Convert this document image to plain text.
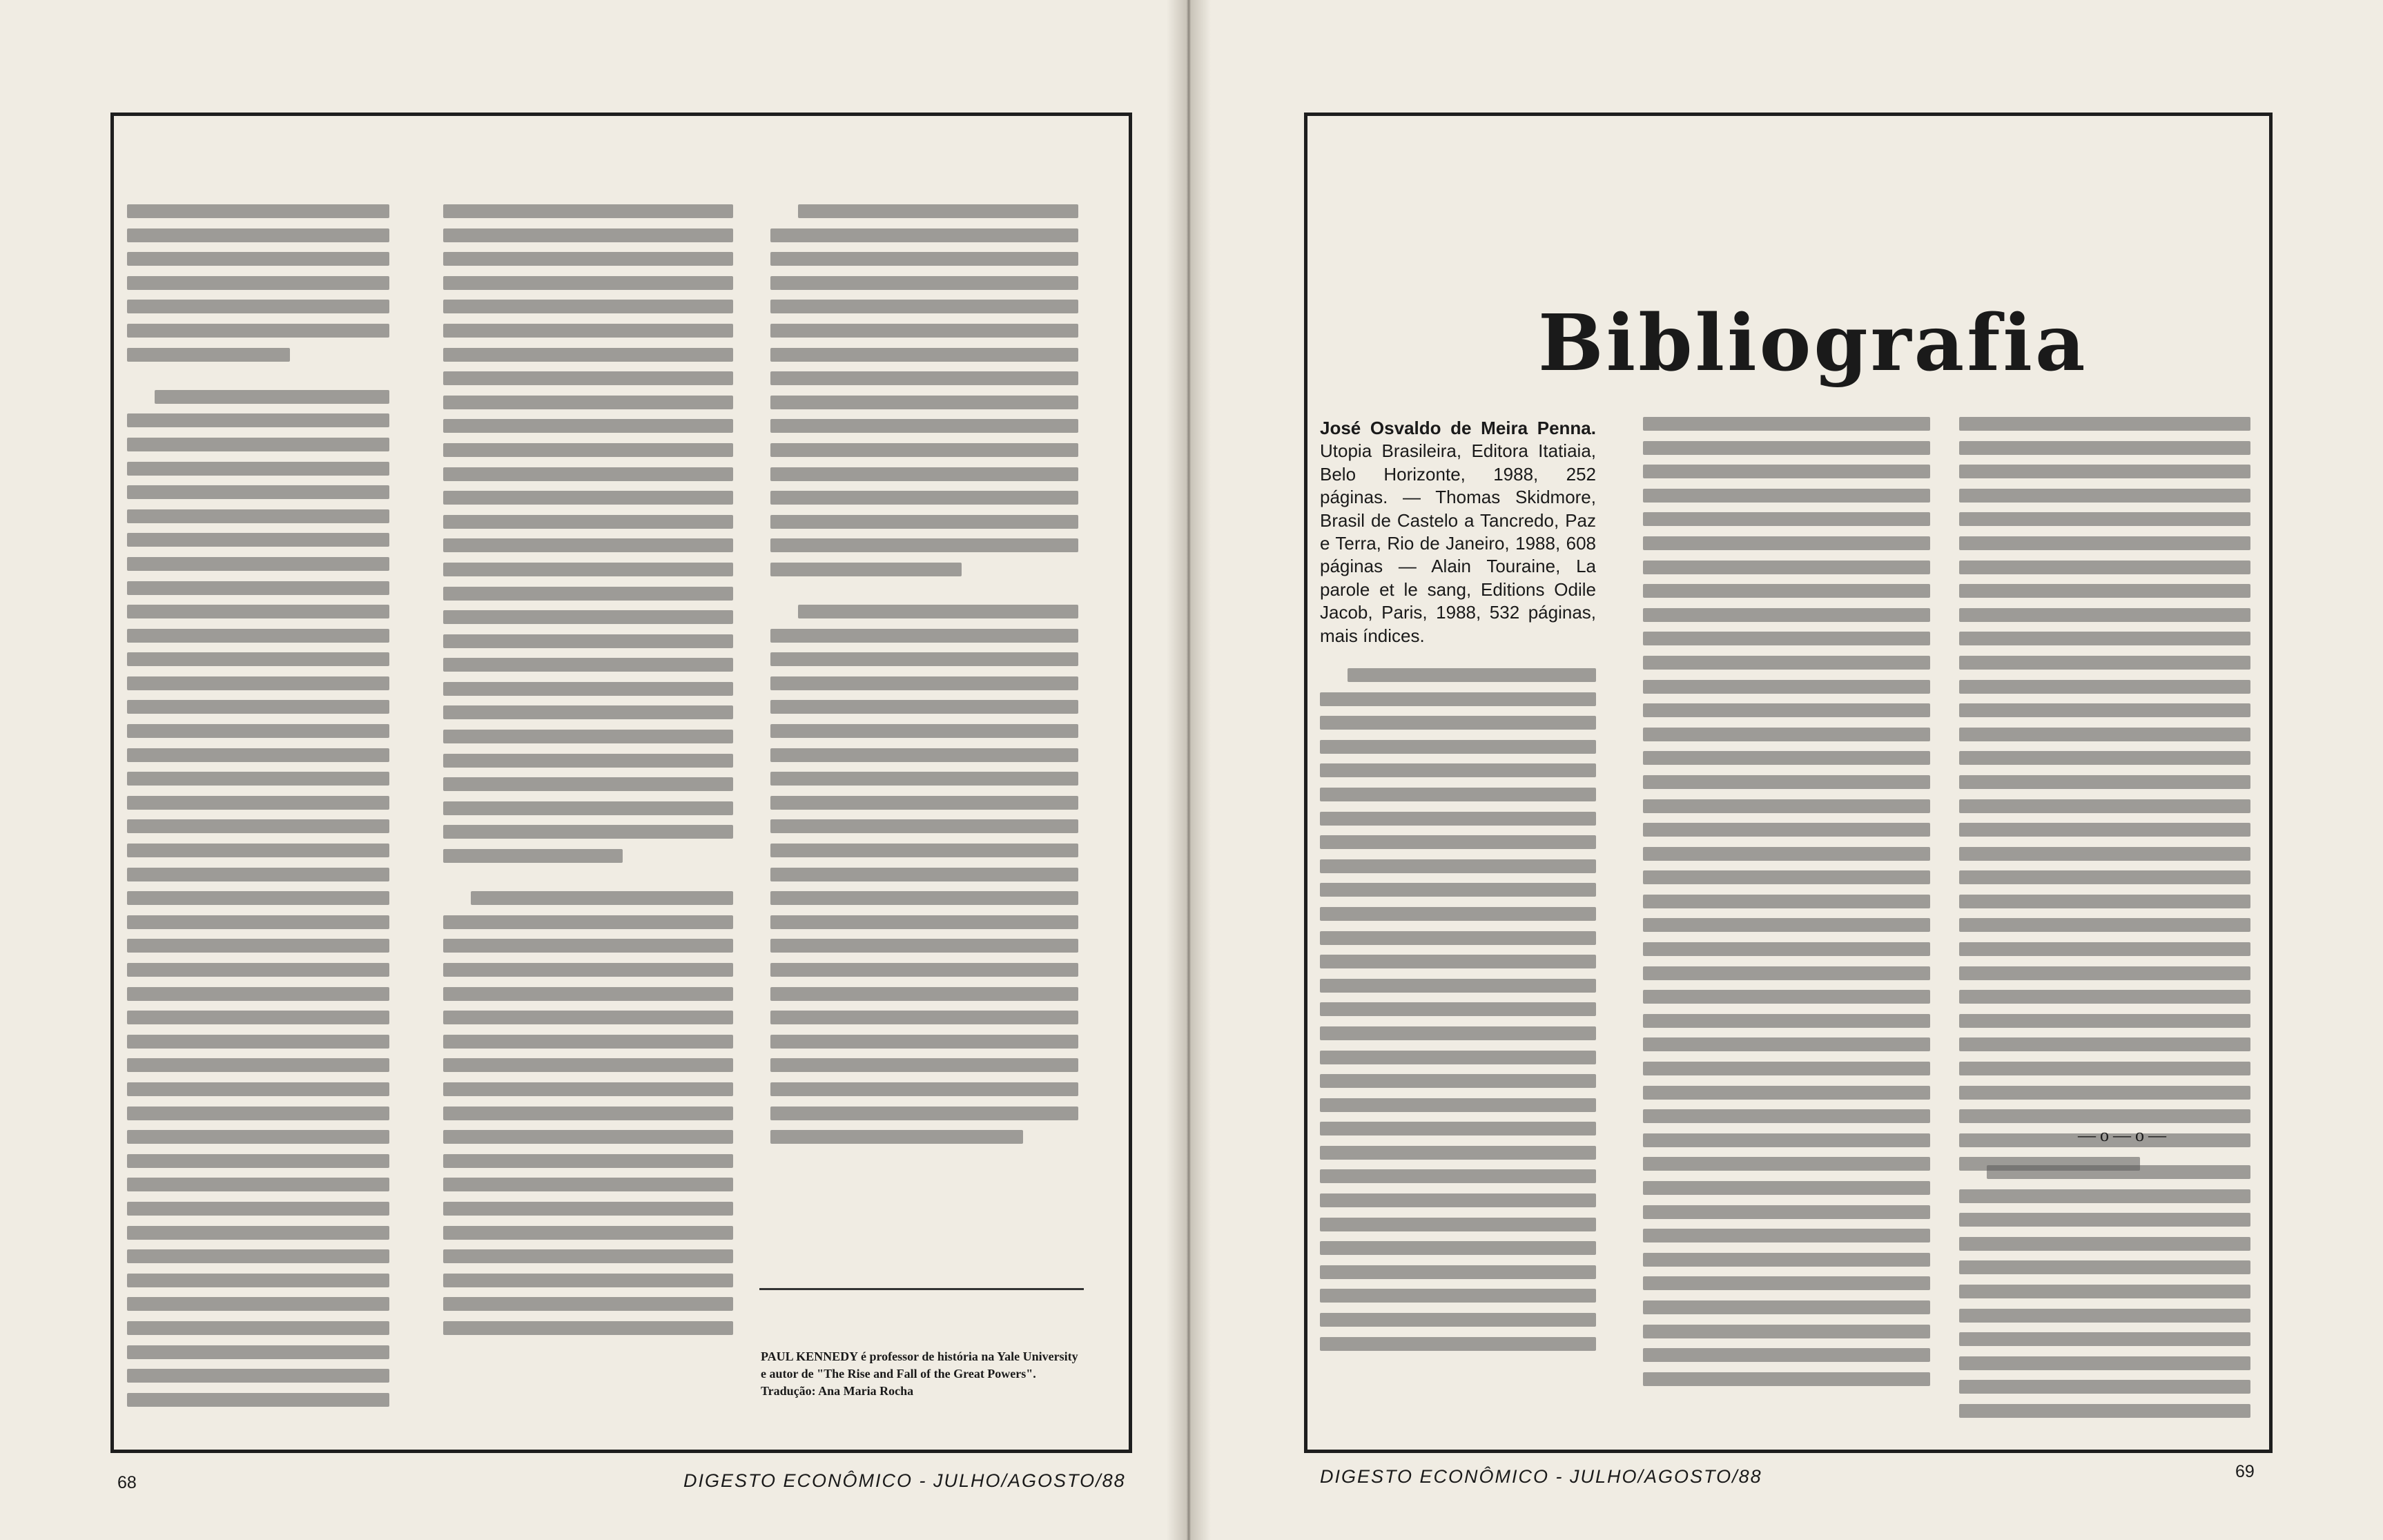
PAUL KENNEDY é professor de história na Yale University e autor de "The Rise and Fall of the Great Powers". Tradução: Ana Maria Rocha
68	DIGESTO ECONÔMICO - JULHO/AGOSTO/88
Bibliografia
José Osvaldo de Meira Penna. Utopia Brasileira, Editora Itatiaia, Belo Horizonte, 1988, 252 páginas. — Thomas Skidmore, Brasil de Castelo a Tancredo, Paz e Terra, Rio de Janeiro, 1988, 608 páginas — Alain Touraine, La parole et le sang, Editions Odile Jacob, Paris, 1988, 532 páginas, mais índices.
—o—o—
DIGESTO ECONÔMICO - JULHO/AGOSTO/88	69
